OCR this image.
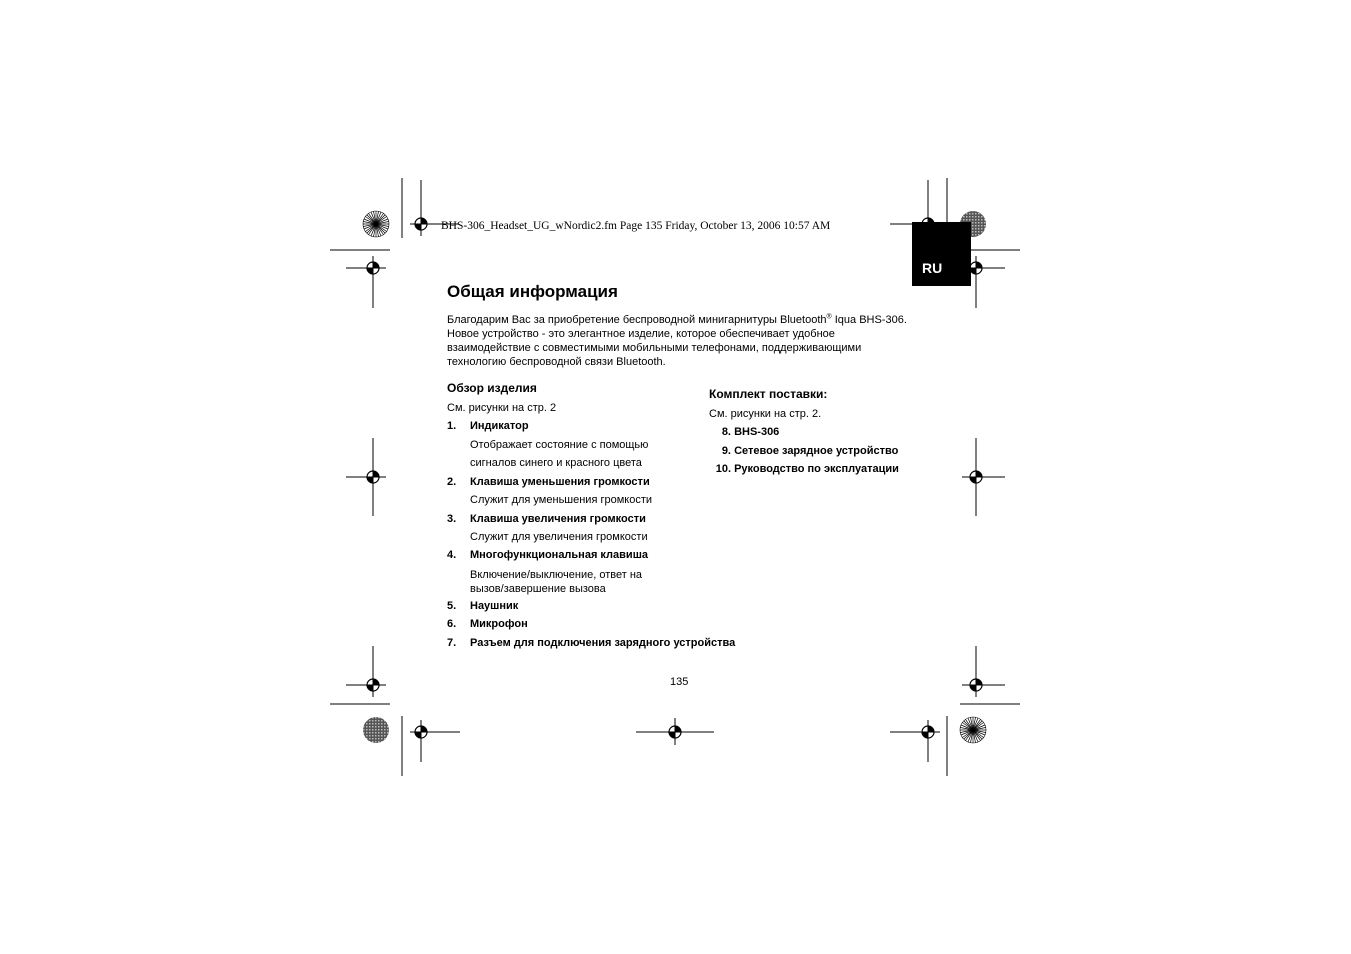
BHS-306_Headset_UG_wNordic2.fm Page 135 Friday, October 13, 2006 10:57 AM
RU
Общая информация
Благодарим Вас за приобретение беспроводной минигарнитуры Bluetooth® Iqua BHS-306. Новое устройство - это элегантное изделие, которое обеспечивает удобное взаимодействие с совместимыми мобильными телефонами, поддерживающими технологию беспроводной связи Bluetooth.
Обзор изделия
См. рисунки на стр. 2
1. Индикатор
Отображает состояние с помощью
сигналов синего и красного цвета
2. Клавиша уменьшения громкости
Служит для уменьшения громкости
3. Клавиша увеличения громкости
Служит для увеличения громкости
4. Многофункциональная клавиша
Включение/выключение, ответ на вызов/завершение вызова
5. Наушник
6. Микрофон
7. Разъем для подключения зарядного устройства
Комплект поставки:
См. рисунки на стр. 2.
8. BHS-306
9. Сетевое зарядное устройство
10. Руководство по эксплуатации
135
